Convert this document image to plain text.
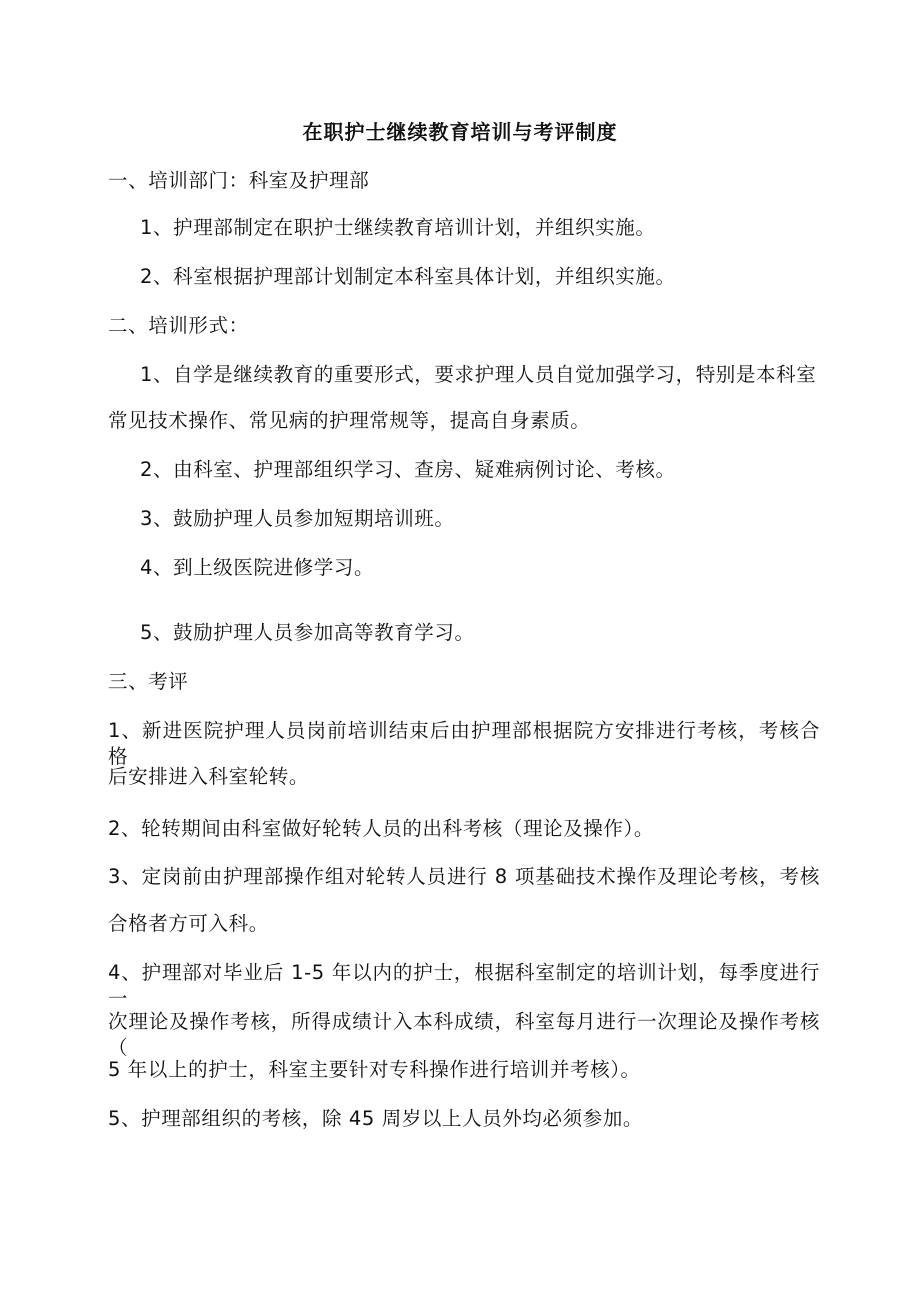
在职护士继续教育培训与考评制度
一、培训部门：科室及护理部
1、护理部制定在职护士继续教育培训计划，并组织实施。
2、科室根据护理部计划制定本科室具体计划，并组织实施。
二、培训形式：
1、自学是继续教育的重要形式，要求护理人员自觉加强学习，特别是本科室
常见技术操作、常见病的护理常规等，提高自身素质。
2、由科室、护理部组织学习、查房、疑难病例讨论、考核。
3、鼓励护理人员参加短期培训班。
4、到上级医院进修学习。
5、鼓励护理人员参加高等教育学习。
三、考评
1、新进医院护理人员岗前培训结束后由护理部根据院方安排进行考核，考核合格
后安排进入科室轮转。
2、轮转期间由科室做好轮转人员的出科考核（理论及操作）。
3、定岗前由护理部操作组对轮转人员进行 8 项基础技术操作及理论考核，考核
合格者方可入科。
4、护理部对毕业后 1-5 年以内的护士，根据科室制定的培训计划，每季度进行一
次理论及操作考核，所得成绩计入本科成绩，科室每月进行一次理论及操作考核（
5 年以上的护士，科室主要针对专科操作进行培训并考核）。
5、护理部组织的考核，除 45 周岁以上人员外均必须参加。
